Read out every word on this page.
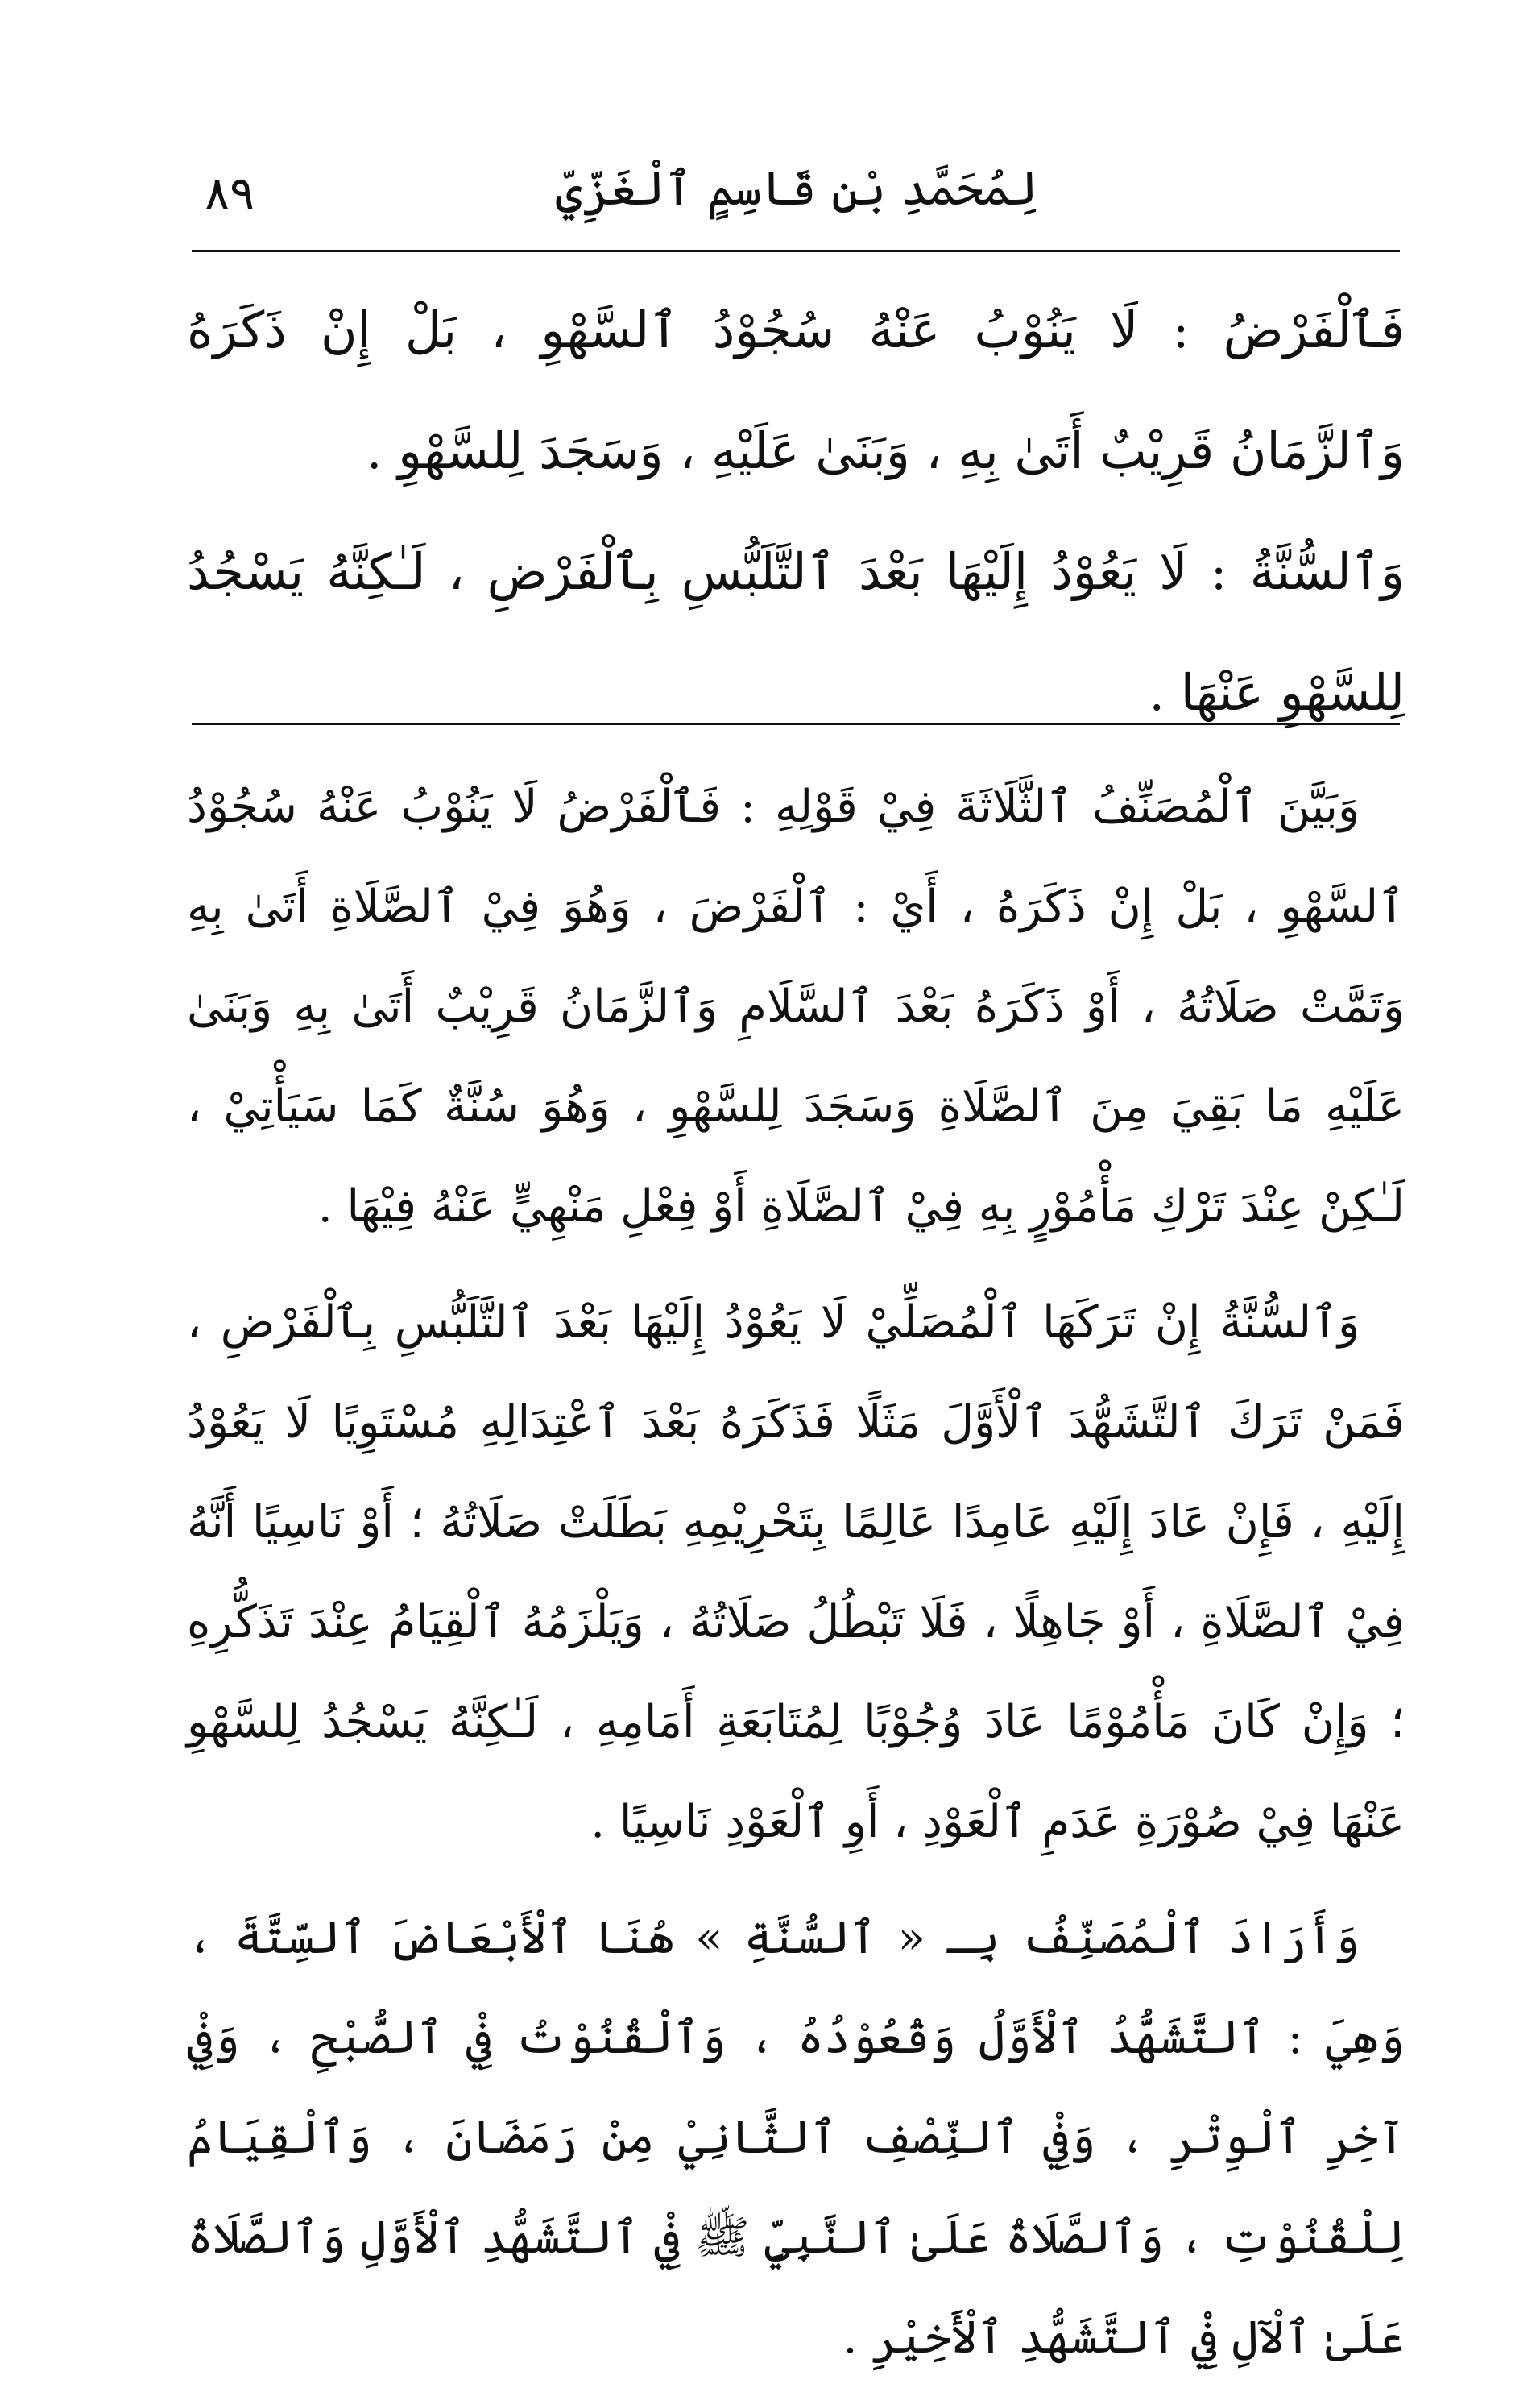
٨٩	لِمُحَمَّدِ بْنِ قَاسِمٍ ٱلْغَزِّيِّ

فَٱلْفَرْضُ : لَا يَنُوْبُ عَنْهُ سُجُوْدُ ٱلسَّهْوِ ، بَلْ إِنْ ذَكَرَهُ وَٱلزَّمَانُ قَرِيْبٌ أَتَىٰ بِهِ ، وَبَنَىٰ عَلَيْهِ ، وَسَجَدَ لِلسَّهْوِ .

وَٱلسُّنَّةُ : لَا يَعُوْدُ إِلَيْهَا بَعْدَ ٱلتَّلَبُّسِ بِٱلْفَرْضِ ، لَـٰكِنَّهُ يَسْجُدُ لِلسَّهْوِ عَنْهَا .

وَبَيَّنَ ٱلْمُصَنِّفُ ٱلثَّلَاثَةَ فِيْ قَوْلِهِ : فَٱلْفَرْضُ لَا يَنُوْبُ عَنْهُ سُجُوْدُ ٱلسَّهْوِ ، بَلْ إِنْ ذَكَرَهُ ، أَيْ : ٱلْفَرْضَ ، وَهُوَ فِيْ ٱلصَّلَاةِ أَتَىٰ بِهِ وَتَمَّتْ صَلَاتُهُ ، أَوْ ذَكَرَهُ بَعْدَ ٱلسَّلَامِ وَٱلزَّمَانُ قَرِيْبٌ أَتَىٰ بِهِ وَبَنَىٰ عَلَيْهِ مَا بَقِيَ مِنَ ٱلصَّلَاةِ وَسَجَدَ لِلسَّهْوِ ، وَهُوَ سُنَّةٌ كَمَا سَيَأْتِيْ ، لَـٰكِنْ عِنْدَ تَرْكِ مَأْمُوْرٍ بِهِ فِيْ ٱلصَّلَاةِ أَوْ فِعْلِ مَنْهِيٍّ عَنْهُ فِيْهَا .

وَٱلسُّنَّةُ إِنْ تَرَكَهَا ٱلْمُصَلِّيْ لَا يَعُوْدُ إِلَيْهَا بَعْدَ ٱلتَّلَبُّسِ بِٱلْفَرْضِ ، فَمَنْ تَرَكَ ٱلتَّشَهُّدَ ٱلْأَوَّلَ مَثَلًا فَذَكَرَهُ بَعْدَ ٱعْتِدَالِهِ مُسْتَوِيًا لَا يَعُوْدُ إِلَيْهِ ، فَإِنْ عَادَ إِلَيْهِ عَامِدًا عَالِمًا بِتَحْرِيْمِهِ بَطَلَتْ صَلَاتُهُ ؛ أَوْ نَاسِيًا أَنَّهُ فِيْ ٱلصَّلَاةِ ، أَوْ جَاهِلًا ، فَلَا تَبْطُلُ صَلَاتُهُ ، وَيَلْزَمُهُ ٱلْقِيَامُ عِنْدَ تَذَكُّرِهِ ؛ وَإِنْ كَانَ مَأْمُوْمًا عَادَ وُجُوْبًا لِمُتَابَعَةِ أَمَامِهِ ، لَـٰكِنَّهُ يَسْجُدُ لِلسَّهْوِ عَنْهَا فِيْ صُوْرَةِ عَدَمِ ٱلْعَوْدِ ، أَوِ ٱلْعَوْدِ نَاسِيًا .

وَأَرَادَ ٱلْمُصَنِّفُ بِـ « ٱلسُّنَّةِ » هُنَا ٱلْأَبْعَاضَ ٱلسِّتَّةَ ، وَهِيَ : ٱلتَّشَهُّدُ ٱلْأَوَّلُ وَقُعُوْدُهُ ، وَٱلْقُنُوْتُ فِيْ ٱلصُّبْحِ ، وَفِيْ آخِرِ ٱلْوِتْرِ ، وَفِيْ ٱلنِّصْفِ ٱلثَّانِيْ مِنْ رَمَضَانَ ، وَٱلْقِيَامُ لِلْقُنُوْتِ ، وَٱلصَّلَاةُ عَلَىٰ ٱلنَّبِيِّ ﷺ فِيْ ٱلتَّشَهُّدِ ٱلْأَوَّلِ وَٱلصَّلَاةُ عَلَىٰ ٱلْآلِ فِيْ ٱلتَّشَهُّدِ ٱلْأَخِيْرِ .
